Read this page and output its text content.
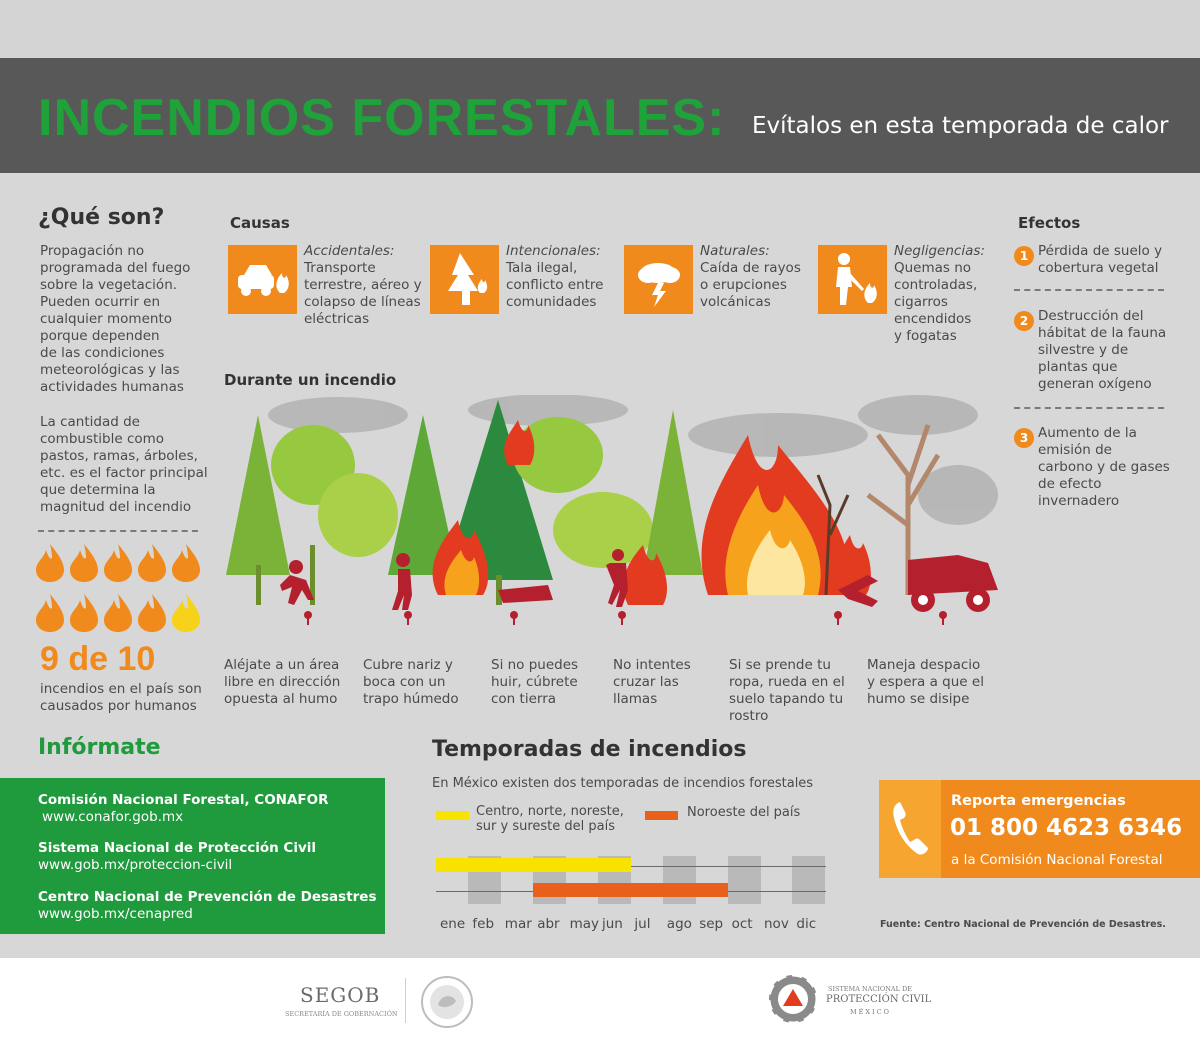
INCENDIOS FORESTALES: Evítalos en esta temporada de calor
¿Qué son?
Propagación no
programada del fuego
sobre la vegetación.
Pueden ocurrir en
cualquier momento
porque dependen
de las condiciones
meteorológicas y las
actividades humanas
La cantidad de
combustible como
pastos, ramas, árboles,
etc. es el factor principal
que determina la
magnitud del incendio
9 de 10
incendios en el país son
causados por humanos
Causas
Accidentales:
Transporte
terrestre, aéreo y
colapso de líneas
eléctricas
Intencionales:
Tala ilegal,
conflicto entre
comunidades
Naturales:
Caída de rayos
o erupciones
volcánicas
Negligencias:
Quemas no
controladas,
cigarros
encendidos
y fogatas
Efectos
1 Pérdida de suelo y
cobertura vegetal
2 Destrucción del
hábitat de la fauna
silvestre y de
plantas que
generan oxígeno
3 Aumento de la
emisión de
carbono y de gases
de efecto
invernadero
Durante un incendio
Aléjate a un área
libre en dirección
opuesta al humo
Cubre nariz y
boca con un
trapo húmedo
Si no puedes
huir, cúbrete
con tierra
No intentes
cruzar las
llamas
Si se prende tu
ropa, rueda en el
suelo tapando tu
rostro
Maneja despacio
y espera a que el
humo se disipe
Infórmate
Comisión Nacional Forestal, CONAFOR
www.conafor.gob.mx
Sistema Nacional de Protección Civil
www.gob.mx/proteccion-civil
Centro Nacional de Prevención de Desastres
www.gob.mx/cenapred
Temporadas de incendios
En México existen dos temporadas de incendios forestales
Centro, norte, noreste,
sur y sureste del país
Noroeste del país
Reporta emergencias
01 800 4623 6346
a la Comisión Nacional Forestal
Fuente: Centro Nacional de Prevención de Desastres.
SEGOB
SECRETARÍA DE GOBERNACIÓN
SISTEMA NACIONAL DE
PROTECCIÓN CIVIL
MÉXICO
ene feb mar abr may jun jul ago sep oct nov dic
